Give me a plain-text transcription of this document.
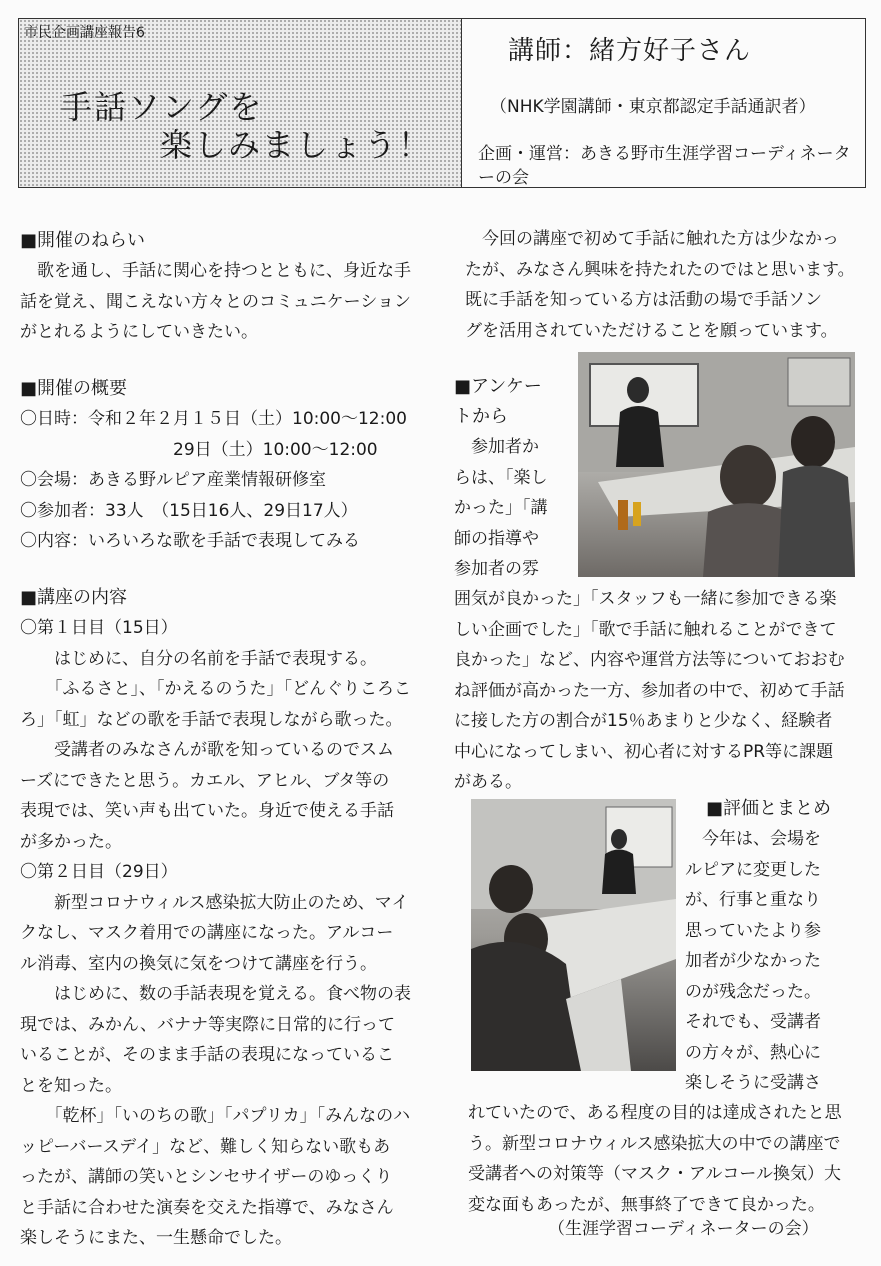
市民企画講座報告6
手話ソングを
楽しみましょう！
講師：緒方好子さん
（NHK学園講師・東京都認定手話通訳者）
企画・運営：あきる野市生涯学習コーディネーターの会
■開催のねらい
　歌を通し、手話に関心を持つとともに、身近な手
話を覚え、聞こえない方々とのコミュニケーション
がとれるようにしていきたい。
■開催の概要
〇日時：令和２年２月１５日（土）10:00～12:00
　　　　　　　　　29日（土）10:00～12:00
〇会場：あきる野ルピア産業情報研修室
〇参加者：33人　（15日16人、29日17人）
〇内容：いろいろな歌を手話で表現してみる
■講座の内容
〇第１日目（15日）
　　はじめに、自分の名前を手話で表現する。
　　「ふるさと」、「かえるのうた」「どんぐりころこ
ろ」「虹」などの歌を手話で表現しながら歌った。
　　受講者のみなさんが歌を知っているのでスム
ーズにできたと思う。カエル、アヒル、ブタ等の
表現では、笑い声も出ていた。身近で使える手話
が多かった。
〇第２日目（29日）
　　新型コロナウィルス感染拡大防止のため、マイ
クなし、マスク着用での講座になった。アルコー
ル消毒、室内の換気に気をつけて講座を行う。
　　はじめに、数の手話表現を覚える。食べ物の表
現では、みかん、バナナ等実際に日常的に行って
いることが、そのまま手話の表現になっているこ
とを知った。
　　「乾杯」「いのちの歌」「パプリカ」「みんなのハ
ッピーバースデイ」など、難しく知らない歌もあ
ったが、講師の笑いとシンセサイザーのゆっくり
と手話に合わせた演奏を交えた指導で、みなさん
楽しそうにまた、一生懸命でした。
　今回の講座で初めて手話に触れた方は少なかっ
たが、みなさん興味を持たれたのではと思います。
既に手話を知っている方は活動の場で手話ソン
グを活用されていただけることを願っています。
■アンケー
トから
　参加者か
らは、「楽し
かった」「講
師の指導や
参加者の雰
囲気が良かった」「スタッフも一緒に参加できる楽
しい企画でした」「歌で手話に触れることができて
良かった」など、内容や運営方法等についておおむ
ね評価が高かった一方、参加者の中で、初めて手話
に接した方の割合が15％あまりと少なく、経験者
中心になってしまい、初心者に対するPR等に課題
がある。
■評価とまとめ
　今年は、会場を
ルピアに変更した
が、行事と重なり
思っていたより参
加者が少なかった
のが残念だった。
それでも、受講者
の方々が、熱心に
楽しそうに受講さ
れていたので、ある程度の目的は達成されたと思
う。新型コロナウィルス感染拡大の中での講座で
受講者への対策等（マスク・アルコール換気）大
変な面もあったが、無事終了できて良かった。
（生涯学習コーディネーターの会）
